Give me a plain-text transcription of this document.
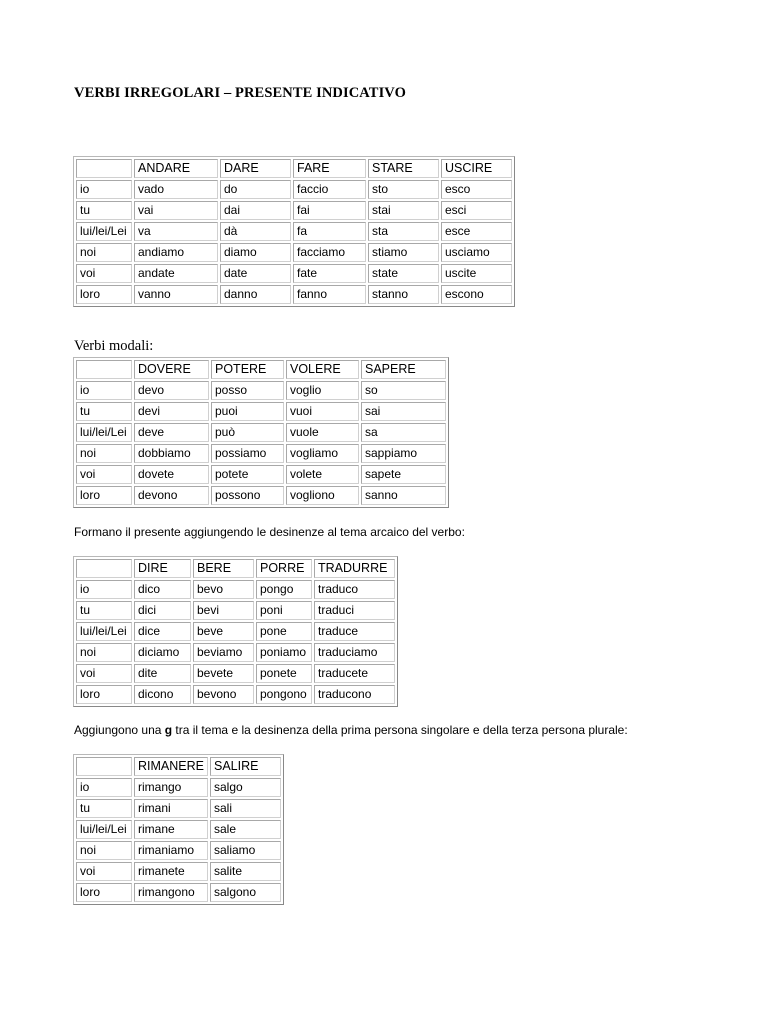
VERBI IRREGOLARI – PRESENTE INDICATIVO
	ANDARE	DARE	FARE	STARE	USCIRE
io	vado	do	faccio	sto	esco
tu	vai	dai	fai	stai	esci
lui/lei/Lei	va	dà	fa	sta	esce
noi	andiamo	diamo	facciamo	stiamo	usciamo
voi	andate	date	fate	state	uscite
loro	vanno	danno	fanno	stanno	escono
Verbi modali:
	DOVERE	POTERE	VOLERE	SAPERE
io	devo	posso	voglio	so
tu	devi	puoi	vuoi	sai
lui/lei/Lei	deve	può	vuole	sa
noi	dobbiamo	possiamo	vogliamo	sappiamo
voi	dovete	potete	volete	sapete
loro	devono	possono	vogliono	sanno
Formano il presente aggiungendo le desinenze al tema arcaico del verbo:
	DIRE	BERE	PORRE	TRADURRE
io	dico	bevo	pongo	traduco
tu	dici	bevi	poni	traduci
lui/lei/Lei	dice	beve	pone	traduce
noi	diciamo	beviamo	poniamo	traduciamo
voi	dite	bevete	ponete	traducete
loro	dicono	bevono	pongono	traducono
Aggiungono una g tra il tema e la desinenza della prima persona singolare e della terza persona plurale:
	RIMANERE	SALIRE
io	rimango	salgo
tu	rimani	sali
lui/lei/Lei	rimane	sale
noi	rimaniamo	saliamo
voi	rimanete	salite
loro	rimangono	salgono
